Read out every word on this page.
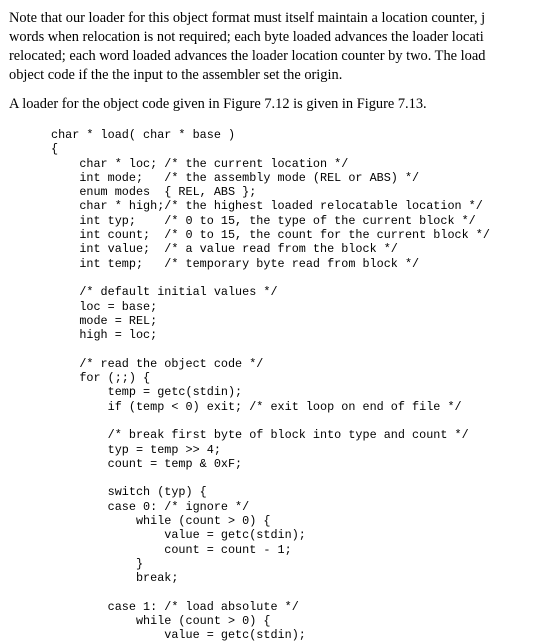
Note that our loader for this object format must itself maintain a location counter, j
words when relocation is not required; each byte loaded advances the loader locati
relocated; each word loaded advances the loader location counter by two. The load
object code if the the input to the assembler set the origin.

A loader for the object code given in Figure 7.12 is given in Figure 7.13.

char * load( char * base )
{
char * loc; /* the current location */
int mode;   /* the assembly mode (REL or ABS) */
enum modes  { REL, ABS };
char * high;/* the highest loaded relocatable location */
int typ;    /* 0 to 15, the type of the current block */
int count;  /* 0 to 15, the count for the current block */
int value;  /* a value read from the block */
int temp;   /* temporary byte read from block */
/* default initial values */
loc = base;
mode = REL;
high = loc;
/* read the object code */
for (;;) {
temp = getc(stdin);
if (temp < 0) exit; /* exit loop on end of file */
/* break first byte of block into type and count */
typ = temp >> 4;
count = temp & 0xF;
switch (typ) {
case 0: /* ignore */
while (count > 0) {
value = getc(stdin);
count = count - 1;
}
break;
case 1: /* load absolute */
while (count > 0) {
value = getc(stdin);
